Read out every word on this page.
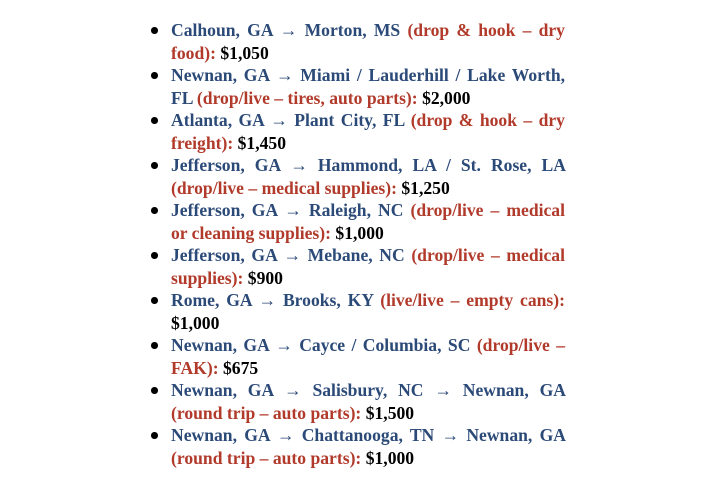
Calhoun, GA → Morton, MS (drop & hook – dry food): $1,050
Newnan, GA → Miami / Lauderhill / Lake Worth, FL (drop/live – tires, auto parts): $2,000
Atlanta, GA → Plant City, FL (drop & hook – dry freight): $1,450
Jefferson, GA → Hammond, LA / St. Rose, LA (drop/live – medical supplies): $1,250
Jefferson, GA → Raleigh, NC (drop/live – medical or cleaning supplies): $1,000
Jefferson, GA → Mebane, NC (drop/live – medical supplies): $900
Rome, GA → Brooks, KY (live/live – empty cans): $1,000
Newnan, GA → Cayce / Columbia, SC (drop/live – FAK): $675
Newnan, GA → Salisbury, NC → Newnan, GA (round trip – auto parts): $1,500
Newnan, GA → Chattanooga, TN → Newnan, GA (round trip – auto parts): $1,000
